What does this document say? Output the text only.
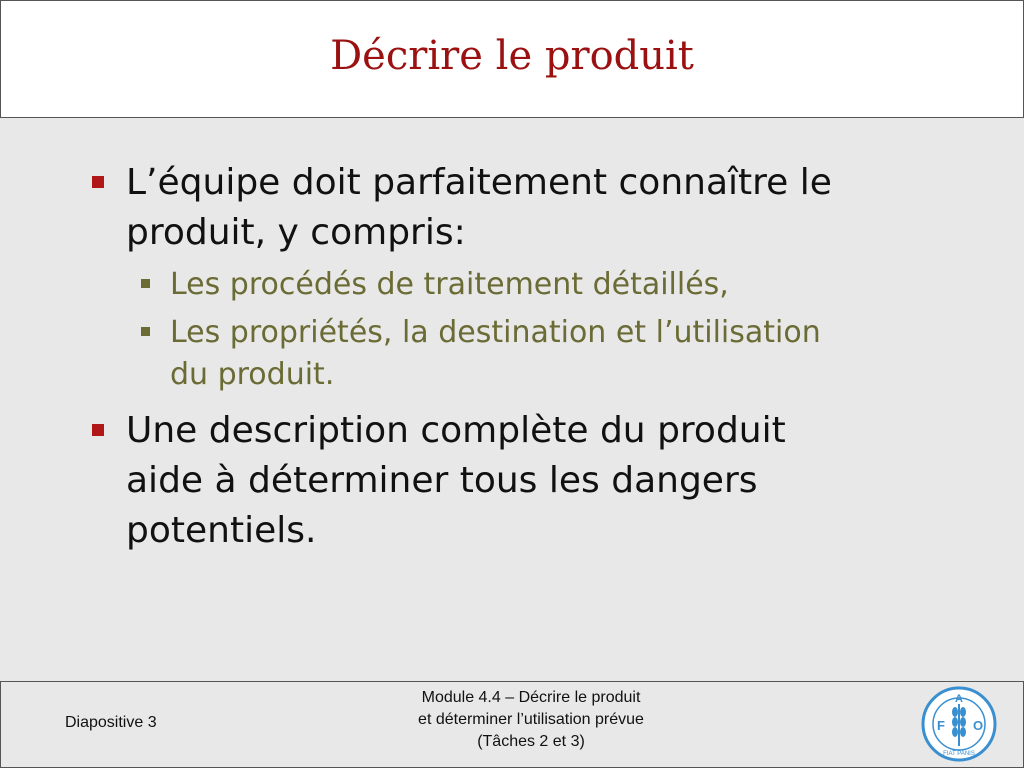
Décrire le produit
L’équipe doit parfaitement connaître le
produit, y compris:
Les procédés de traitement détaillés,
Les propriétés, la destination et l’utilisation
du produit.
Une description complète du produit
aide à déterminer tous les dangers
potentiels.
Diapositive 3
Module 4.4 – Décrire le produit
et déterminer l’utilisation prévue
(Tâches 2 et 3)
F
A
O
FIAT PANIS
